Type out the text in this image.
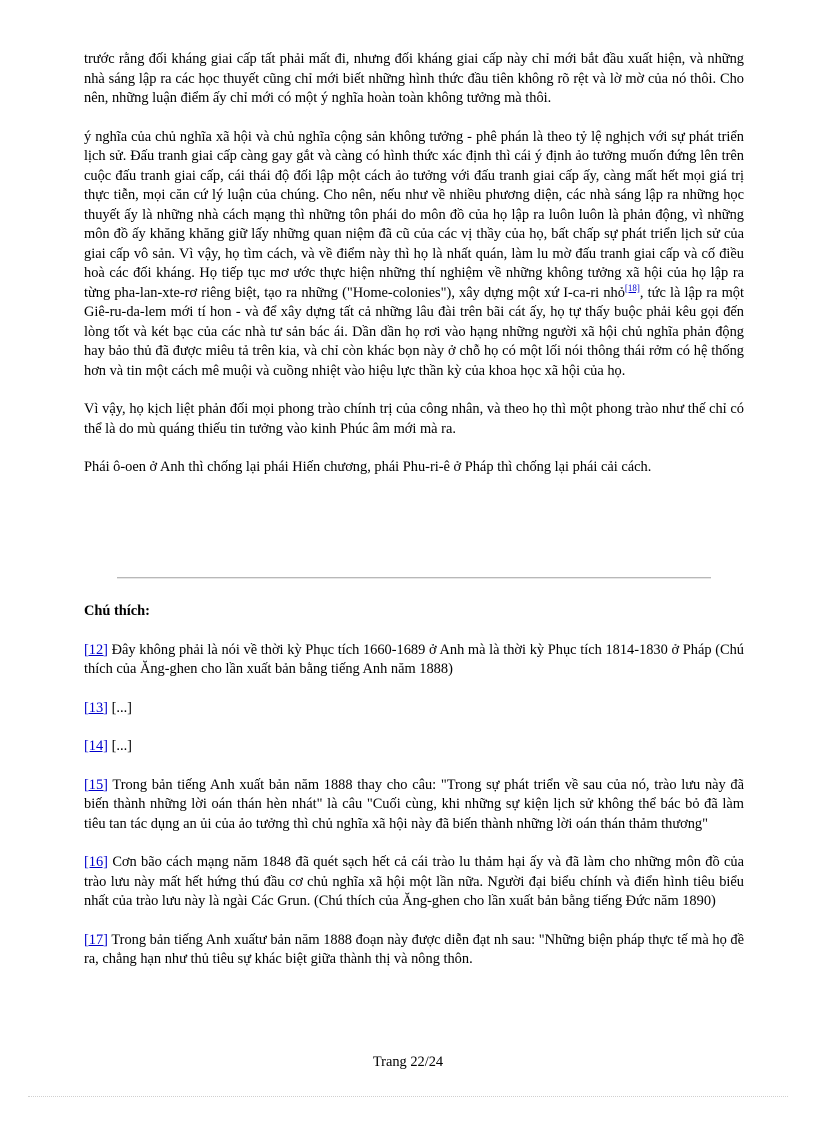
trước rằng đối kháng giai cấp tất phải mất đi, nhưng đối kháng giai cấp này chỉ mới bắt đầu xuất hiện, và những nhà sáng lập ra các học thuyết cũng chỉ mới biết những hình thức đầu tiên không rõ rệt và lờ mờ của nó thôi. Cho nên, những luận điểm ấy chỉ mới có một ý nghĩa hoàn toàn không tưởng mà thôi.

ý nghĩa của chủ nghĩa xã hội và chủ nghĩa cộng sản không tưởng - phê phán là theo tỷ lệ nghịch với sự phát triển lịch sử. Đấu tranh giai cấp càng gay gắt và càng có hình thức xác định thì cái ý định ảo tưởng muốn đứng lên trên cuộc đấu tranh giai cấp, cái thái độ đối lập một cách ảo tưởng với đấu tranh giai cấp ấy, càng mất hết mọi giá trị thực tiễn, mọi căn cứ lý luận của chúng. Cho nên, nếu như về nhiều phương diện, các nhà sáng lập ra những học thuyết ấy là những nhà cách mạng thì những tôn phái do môn đồ của họ lập ra luôn luôn là phản động, vì những môn đồ ấy khăng khăng giữ lấy những quan niệm đã cũ của các vị thầy của họ, bất chấp sự phát triển lịch sử của giai cấp vô sản. Vì vậy, họ tìm cách, và về điểm này thì họ là nhất quán, làm lu mờ đấu tranh giai cấp và cố điều hoà các đối kháng. Họ tiếp tục mơ ước thực hiện những thí nghiệm về những không tưởng xã hội của họ lập ra từng pha-lan-xte-rơ riêng biệt, tạo ra những ("Home-colonies"), xây dựng một xứ I-ca-ri nhỏ[18], tức là lập ra một Giê-ru-da-lem mới tí hon - và để xây dựng tất cả những lâu đài trên bãi cát ấy, họ tự thấy buộc phải kêu gọi đến lòng tốt và két bạc của các nhà tư sản bác ái. Dần dần họ rơi vào hạng những người xã hội chủ nghĩa phản động hay bảo thủ đã được miêu tả trên kia, và chỉ còn khác bọn này ở chỗ họ có một lối nói thông thái rởm có hệ thống hơn và tin một cách mê muội và cuồng nhiệt vào hiệu lực thần kỳ của khoa học xã hội của họ.

Vì vậy, họ kịch liệt phản đối mọi phong trào chính trị của công nhân, và theo họ thì một phong trào như thế chỉ có thể là do mù quáng thiếu tin tưởng vào kinh Phúc âm mới mà ra.

Phái ô-oen ở Anh thì chống lại phái Hiến chương, phái Phu-ri-ê ở Pháp thì chống lại phái cải cách.

Chú thích:

[12] Đây không phải là nói về thời kỳ Phục tích 1660-1689 ở Anh mà là thời kỳ Phục tích 1814-1830 ở Pháp (Chú thích của Ăng-ghen cho lần xuất bản bằng tiếng Anh năm 1888)

[13] [...]

[14] [...]

[15] Trong bản tiếng Anh xuất bản năm 1888 thay cho câu: "Trong sự phát triển về sau của nó, trào lưu này đã biến thành những lời oán thán hèn nhát" là câu "Cuối cùng, khi những sự kiện lịch sử không thể bác bỏ đã làm tiêu tan tác dụng an ủi của ảo tưởng thì chủ nghĩa xã hội này đã biến thành những lời oán thán thảm thương"

[16] Cơn bão cách mạng năm 1848 đã quét sạch hết cả cái trào lu thảm hại ấy và đã làm cho những môn đồ của trào lưu này mất hết hứng thú đầu cơ chủ nghĩa xã hội một lần nữa. Người đại biểu chính và điển hình tiêu biểu nhất của trào lưu này là ngài Các Grun. (Chú thích của Ăng-ghen cho lần xuất bản bằng tiếng Đức năm 1890)

[17] Trong bản tiếng Anh xuấtư bản năm 1888 đoạn này được diễn đạt nh sau: "Những biện pháp thực tế mà họ đề ra, chẳng hạn như thủ tiêu sự khác biệt giữa thành thị và nông thôn.

Trang 22/24
